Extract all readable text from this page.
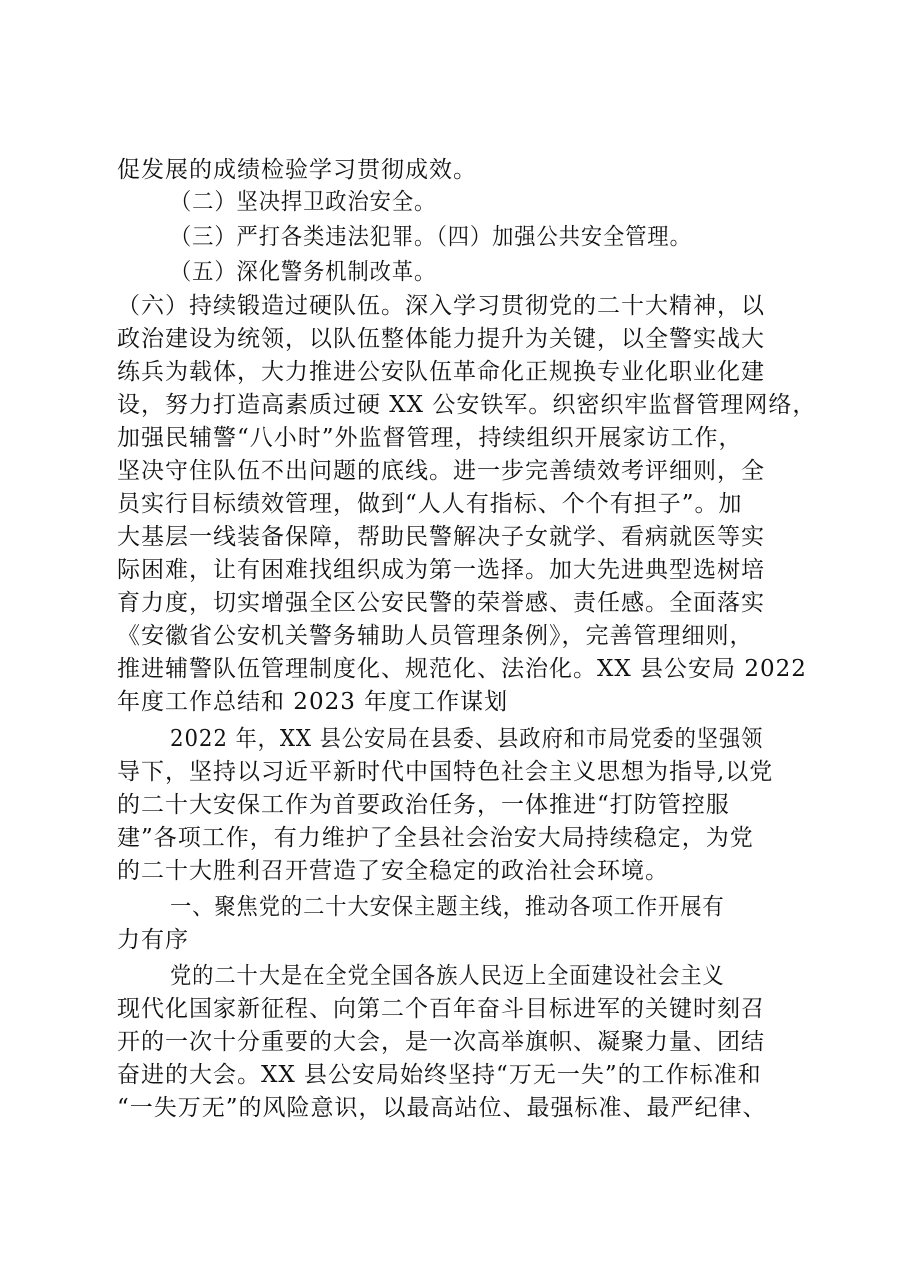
促发展的成绩检验学习贯彻成效。
（二）坚决捍卫政治安全。
（三）严打各类违法犯罪。（四）加强公共安全管理。
（五）深化警务机制改革。
（六）持续锻造过硬队伍。深入学习贯彻党的二十大精神，以
政治建设为统领，以队伍整体能力提升为关键，以全警实战大
练兵为载体，大力推进公安队伍革命化正规换专业化职业化建
设，努力打造高素质过硬 XX 公安铁军。织密织牢监督管理网络，
加强民辅警“八小时”外监督管理，持续组织开展家访工作，
坚决守住队伍不出问题的底线。进一步完善绩效考评细则，全
员实行目标绩效管理，做到“人人有指标、个个有担子”。加
大基层一线装备保障，帮助民警解决子女就学、看病就医等实
际困难，让有困难找组织成为第一选择。加大先进典型选树培
育力度，切实增强全区公安民警的荣誉感、责任感。全面落实
《安徽省公安机关警务辅助人员管理条例》，完善管理细则，
推进辅警队伍管理制度化、规范化、法治化。XX 县公安局 2022
年度工作总结和 2023 年度工作谋划
2022 年，XX 县公安局在县委、县政府和市局党委的坚强领
导下，坚持以习近平新时代中国特色社会主义思想为指导,以党
的二十大安保工作为首要政治任务，一体推进“打防管控服
建”各项工作，有力维护了全县社会治安大局持续稳定，为党
的二十大胜利召开营造了安全稳定的政治社会环境。
一、聚焦党的二十大安保主题主线，推动各项工作开展有
力有序
党的二十大是在全党全国各族人民迈上全面建设社会主义
现代化国家新征程、向第二个百年奋斗目标进军的关键时刻召
开的一次十分重要的大会，是一次高举旗帜、凝聚力量、团结
奋进的大会。XX 县公安局始终坚持“万无一失”的工作标准和
“一失万无”的风险意识，以最高站位、最强标准、最严纪律、
